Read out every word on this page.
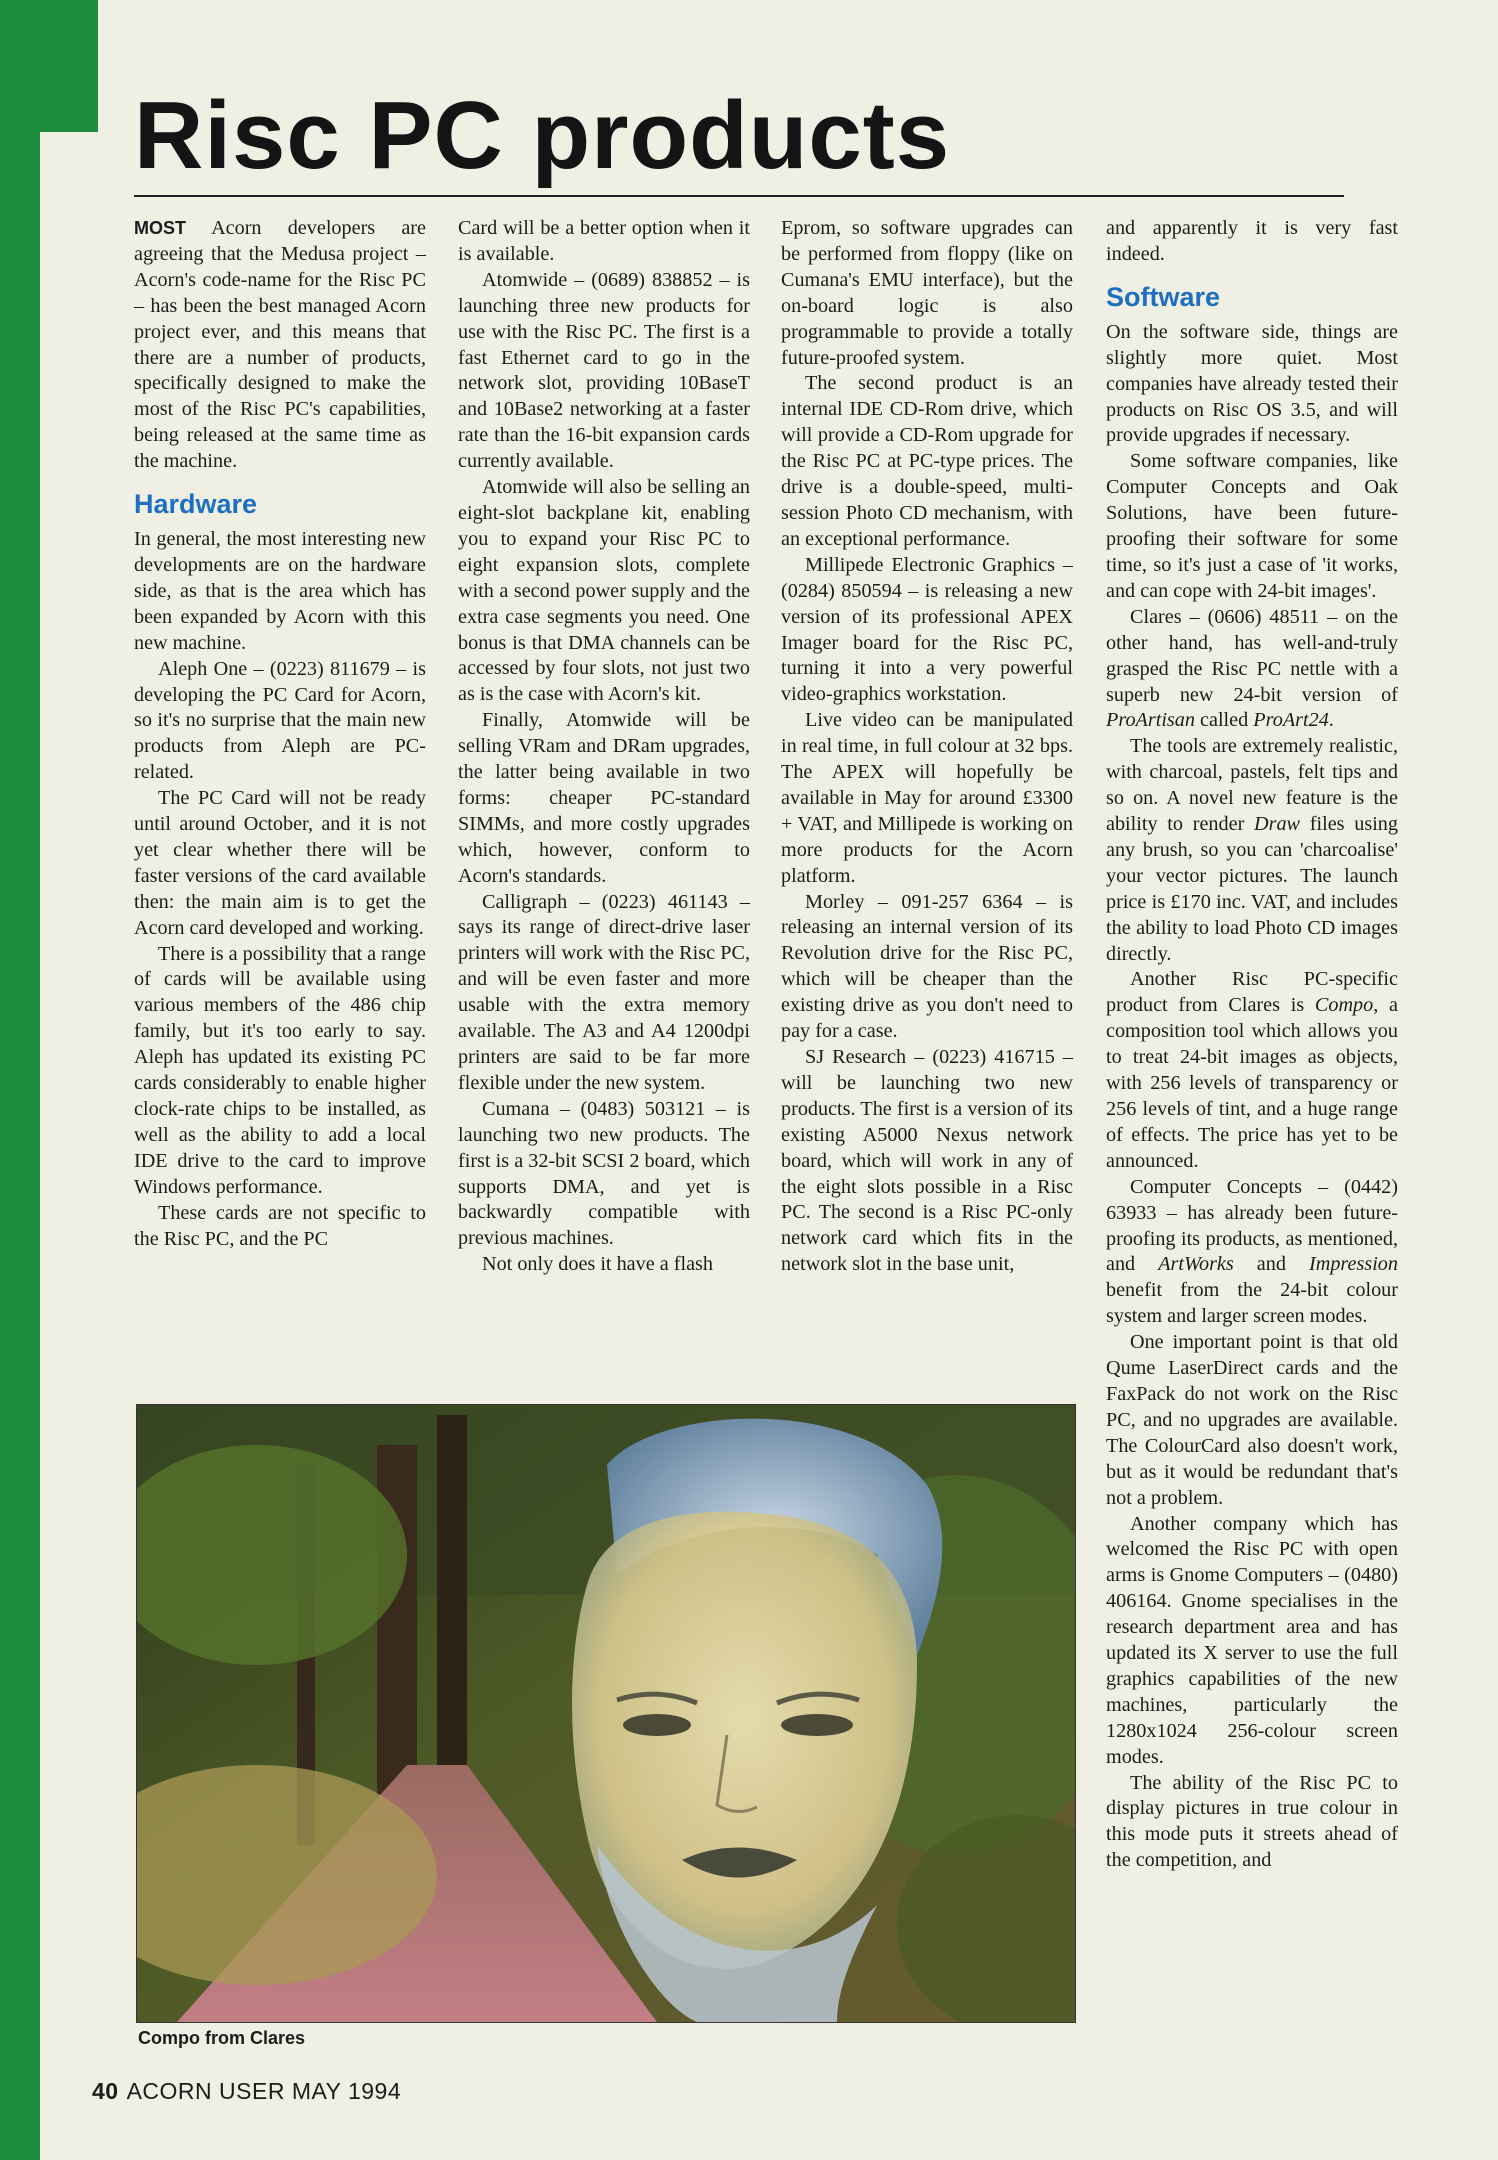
Risc PC products

MOST Acorn developers are agreeing that the Medusa project – Acorn's code-name for the Risc PC – has been the best managed Acorn project ever, and this means that there are a number of products, specifically designed to make the most of the Risc PC's capabilities, being released at the same time as the machine.

Hardware

In general, the most interesting new developments are on the hardware side, as that is the area which has been expanded by Acorn with this new machine.

Aleph One – (0223) 811679 – is developing the PC Card for Acorn, so it's no surprise that the main new products from Aleph are PC-related.

The PC Card will not be ready until around October, and it is not yet clear whether there will be faster versions of the card available then: the main aim is to get the Acorn card developed and working.

There is a possibility that a range of cards will be available using various members of the 486 chip family, but it's too early to say. Aleph has updated its existing PC cards considerably to enable higher clock-rate chips to be installed, as well as the ability to add a local IDE drive to the card to improve Windows performance.

These cards are not specific to the Risc PC, and the PC

Card will be a better option when it is available.

Atomwide – (0689) 838852 – is launching three new products for use with the Risc PC. The first is a fast Ethernet card to go in the network slot, providing 10BaseT and 10Base2 networking at a faster rate than the 16-bit expansion cards currently available.

Atomwide will also be selling an eight-slot backplane kit, enabling you to expand your Risc PC to eight expansion slots, complete with a second power supply and the extra case segments you need. One bonus is that DMA channels can be accessed by four slots, not just two as is the case with Acorn's kit.

Finally, Atomwide will be selling VRam and DRam upgrades, the latter being available in two forms: cheaper PC-standard SIMMs, and more costly upgrades which, however, conform to Acorn's standards.

Calligraph – (0223) 461143 – says its range of direct-drive laser printers will work with the Risc PC, and will be even faster and more usable with the extra memory available. The A3 and A4 1200dpi printers are said to be far more flexible under the new system.

Cumana – (0483) 503121 – is launching two new products. The first is a 32-bit SCSI 2 board, which supports DMA, and yet is backwardly compatible with previous machines.

Not only does it have a flash

Eprom, so software upgrades can be performed from floppy (like on Cumana's EMU interface), but the on-board logic is also programmable to provide a totally future-proofed system.

The second product is an internal IDE CD-Rom drive, which will provide a CD-Rom upgrade for the Risc PC at PC-type prices. The drive is a double-speed, multi-session Photo CD mechanism, with an exceptional performance.

Millipede Electronic Graphics – (0284) 850594 – is releasing a new version of its professional APEX Imager board for the Risc PC, turning it into a very powerful video-graphics workstation.

Live video can be manipulated in real time, in full colour at 32 bps. The APEX will hopefully be available in May for around £3300 + VAT, and Millipede is working on more products for the Acorn platform.

Morley – 091-257 6364 – is releasing an internal version of its Revolution drive for the Risc PC, which will be cheaper than the existing drive as you don't need to pay for a case.

SJ Research – (0223) 416715 – will be launching two new products. The first is a version of its existing A5000 Nexus network board, which will work in any of the eight slots possible in a Risc PC. The second is a Risc PC-only network card which fits in the network slot in the base unit,

and apparently it is very fast indeed.

Software

On the software side, things are slightly more quiet. Most companies have already tested their products on Risc OS 3.5, and will provide upgrades if necessary.

Some software companies, like Computer Concepts and Oak Solutions, have been future-proofing their software for some time, so it's just a case of 'it works, and can cope with 24-bit images'.

Clares – (0606) 48511 – on the other hand, has well-and-truly grasped the Risc PC nettle with a superb new 24-bit version of ProArtisan called ProArt24.

The tools are extremely realistic, with charcoal, pastels, felt tips and so on. A novel new feature is the ability to render Draw files using any brush, so you can 'charcoalise' your vector pictures. The launch price is £170 inc. VAT, and includes the ability to load Photo CD images directly.

Another Risc PC-specific product from Clares is Compo, a composition tool which allows you to treat 24-bit images as objects, with 256 levels of transparency or 256 levels of tint, and a huge range of effects. The price has yet to be announced.

Computer Concepts – (0442) 63933 – has already been future-proofing its products, as mentioned, and ArtWorks and Impression benefit from the 24-bit colour system and larger screen modes.

One important point is that old Qume LaserDirect cards and the FaxPack do not work on the Risc PC, and no upgrades are available. The ColourCard also doesn't work, but as it would be redundant that's not a problem.

Another company which has welcomed the Risc PC with open arms is Gnome Computers – (0480) 406164. Gnome specialises in the research department area and has updated its X server to use the full graphics capabilities of the new machines, particularly the 1280x1024 256-colour screen modes.

The ability of the Risc PC to display pictures in true colour in this mode puts it streets ahead of the competition, and

Compo from Clares
40 ACORN USER MAY 1994
